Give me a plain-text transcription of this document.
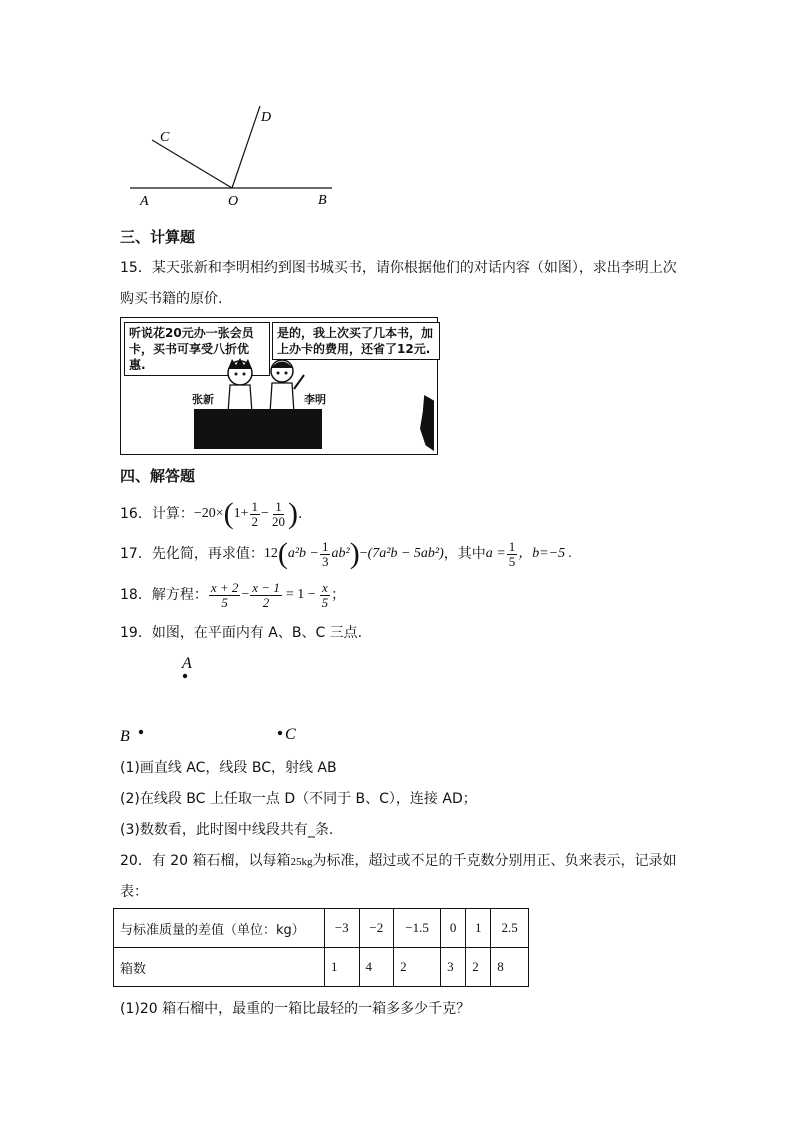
C
D
A	O	B
三、计算题
15．某天张新和李明相约到图书城买书，请你根据他们的对话内容（如图），求出李明上次
购买书籍的原价.
听说花20元办一张会员卡，买书可享受八折优惠.
是的，我上次买了几本书，加上办卡的费用，还省了12元.
张新	李明
四、解答题
16．计算： −20× ( $1+ \frac{1}{2} - \frac{1}{20}$ ) .
17．先化简，再求值： 12 ( $a^2b - \frac{1}{3} ab^2$ ) − (7a²b − 5ab²) ，其中 $a = \frac{1}{5}$ ，b=−5 .
18．解方程： $\frac{x + 2}{5} - \frac{x - 1}{2} = 1 - \frac{x}{5}$ ；
19．如图，在平面内有 A、B、C 三点.
A
B	C
(1)画直线 AC，线段 BC，射线 AB
(2)在线段 BC 上任取一点 D（不同于 B、C），连接 AD；
(3)数数看，此时图中线段共有_条.
20．有 20 箱石榴，以每箱25kg为标准，超过或不足的千克数分别用正、负来表示，记录如
表：
与标准质量的差值（单位：kg）	−3	−2	−1.5	0	1	2.5
箱数	1	4	2	3	2	8
(1)20 箱石榴中，最重的一箱比最轻的一箱多多少千克？
